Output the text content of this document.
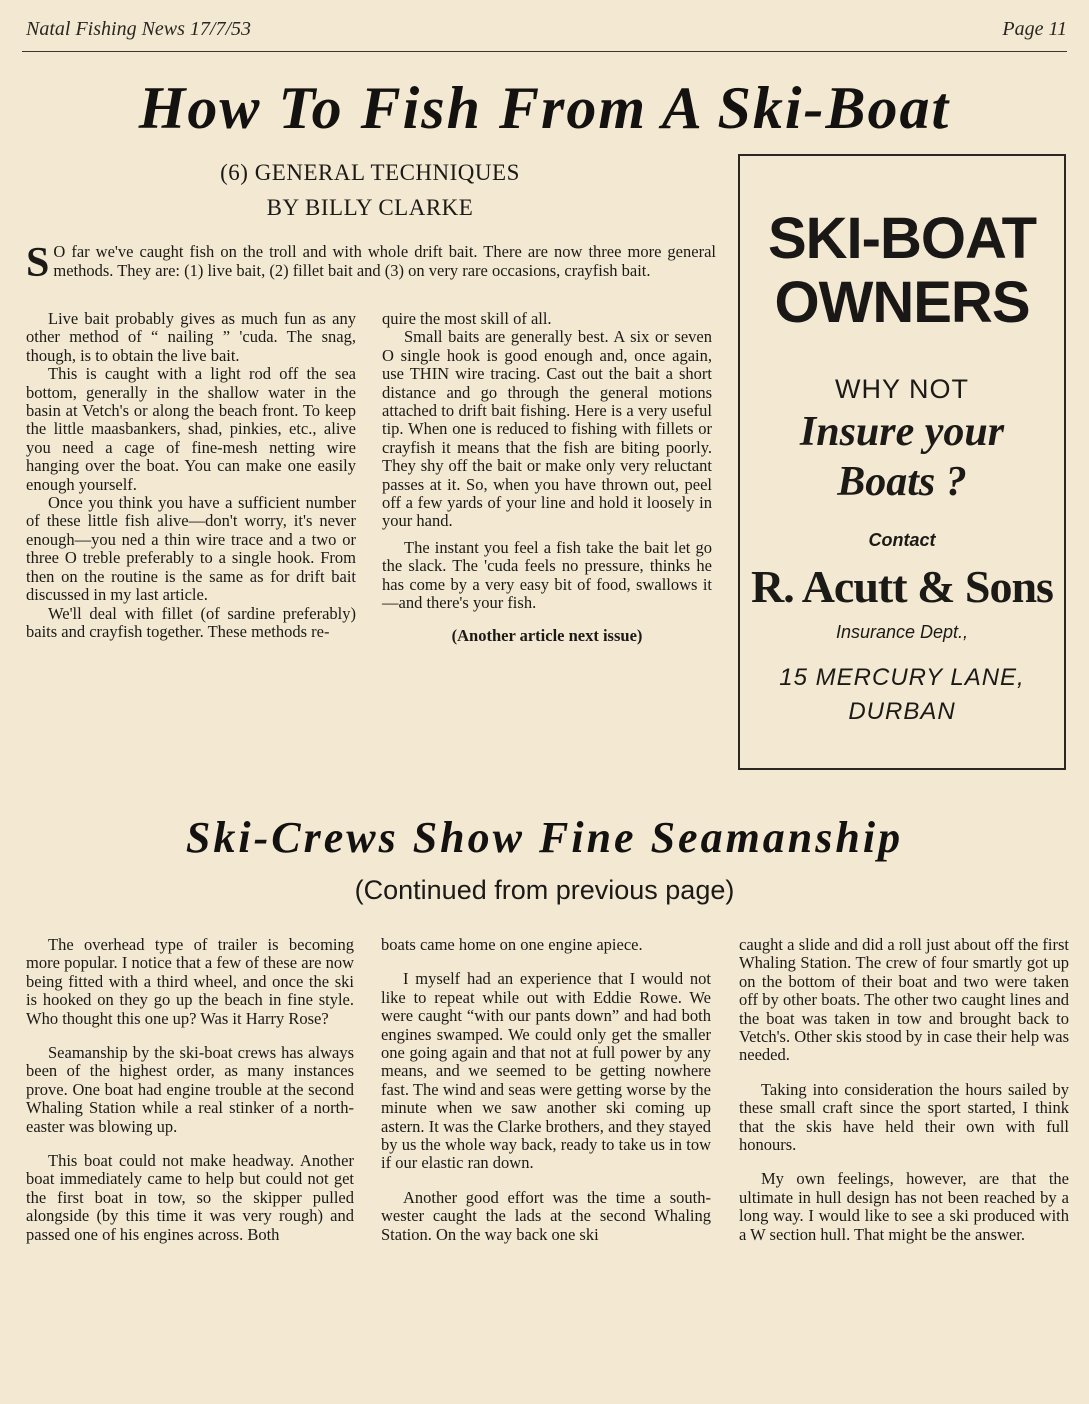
Natal Fishing News 17/7/53	Page 11
How To Fish From A Ski-Boat
(6) GENERAL TECHNIQUES
BY BILLY CLARKE
S O far we've caught fish on the troll and with whole drift bait. There are now three more general methods. They are: (1) live bait, (2) fillet bait and (3) on very rare occasions, crayfish bait.

Live bait probably gives as much fun as any other method of “ nailing ” 'cuda. The snag, though, is to obtain the live bait.

This is caught with a light rod off the sea bottom, generally in the shallow water in the basin at Vetch's or along the beach front. To keep the little maasbankers, shad, pinkies, etc., alive you need a cage of fine-mesh netting wire hanging over the boat. You can make one easily enough yourself.

Once you think you have a sufficient number of these little fish alive—don't worry, it's never enough—you ned a thin wire trace and a two or three O treble preferably to a single hook. From then on the routine is the same as for drift bait discussed in my last article.

We'll deal with fillet (of sardine preferably) baits and crayfish together. These methods re-

quire the most skill of all.

Small baits are generally best. A six or seven O single hook is good enough and, once again, use THIN wire tracing. Cast out the bait a short distance and go through the general motions attached to drift bait fishing. Here is a very useful tip. When one is reduced to fishing with fillets or crayfish it means that the fish are biting poorly. They shy off the bait or make only very reluctant passes at it. So, when you have thrown out, peel off a few yards of your line and hold it loosely in your hand.

The instant you feel a fish take the bait let go the slack. The 'cuda feels no pressure, thinks he has come by a very easy bit of food, swallows it—and there's your fish.

(Another article next issue)

SKI-BOAT
OWNERS
WHY NOT
Insure your
Boats ?
Contact
R. Acutt & Sons
Insurance Dept.,
15 MERCURY LANE,
DURBAN
Ski-Crews Show Fine Seamanship
(Continued from previous page)

The overhead type of trailer is becoming more popular. I notice that a few of these are now being fitted with a third wheel, and once the ski is hooked on they go up the beach in fine style. Who thought this one up? Was it Harry Rose?

Seamanship by the ski-boat crews has always been of the highest order, as many instances prove. One boat had engine trouble at the second Whaling Station while a real stinker of a north-easter was blowing up.

This boat could not make headway. Another boat immediately came to help but could not get the first boat in tow, so the skipper pulled alongside (by this time it was very rough) and passed one of his engines across. Both

boats came home on one engine apiece.

I myself had an experience that I would not like to repeat while out with Eddie Rowe. We were caught “with our pants down” and had both engines swamped. We could only get the smaller one going again and that not at full power by any means, and we seemed to be getting nowhere fast. The wind and seas were getting worse by the minute when we saw another ski coming up astern. It was the Clarke brothers, and they stayed by us the whole way back, ready to take us in tow if our elastic ran down.

Another good effort was the time a south-wester caught the lads at the second Whaling Station. On the way back one ski

caught a slide and did a roll just about off the first Whaling Station. The crew of four smartly got up on the bottom of their boat and two were taken off by other boats. The other two caught lines and the boat was taken in tow and brought back to Vetch's. Other skis stood by in case their help was needed.

Taking into consideration the hours sailed by these small craft since the sport started, I think that the skis have held their own with full honours.

My own feelings, however, are that the ultimate in hull design has not been reached by a long way. I would like to see a ski produced with a W section hull. That might be the answer.
